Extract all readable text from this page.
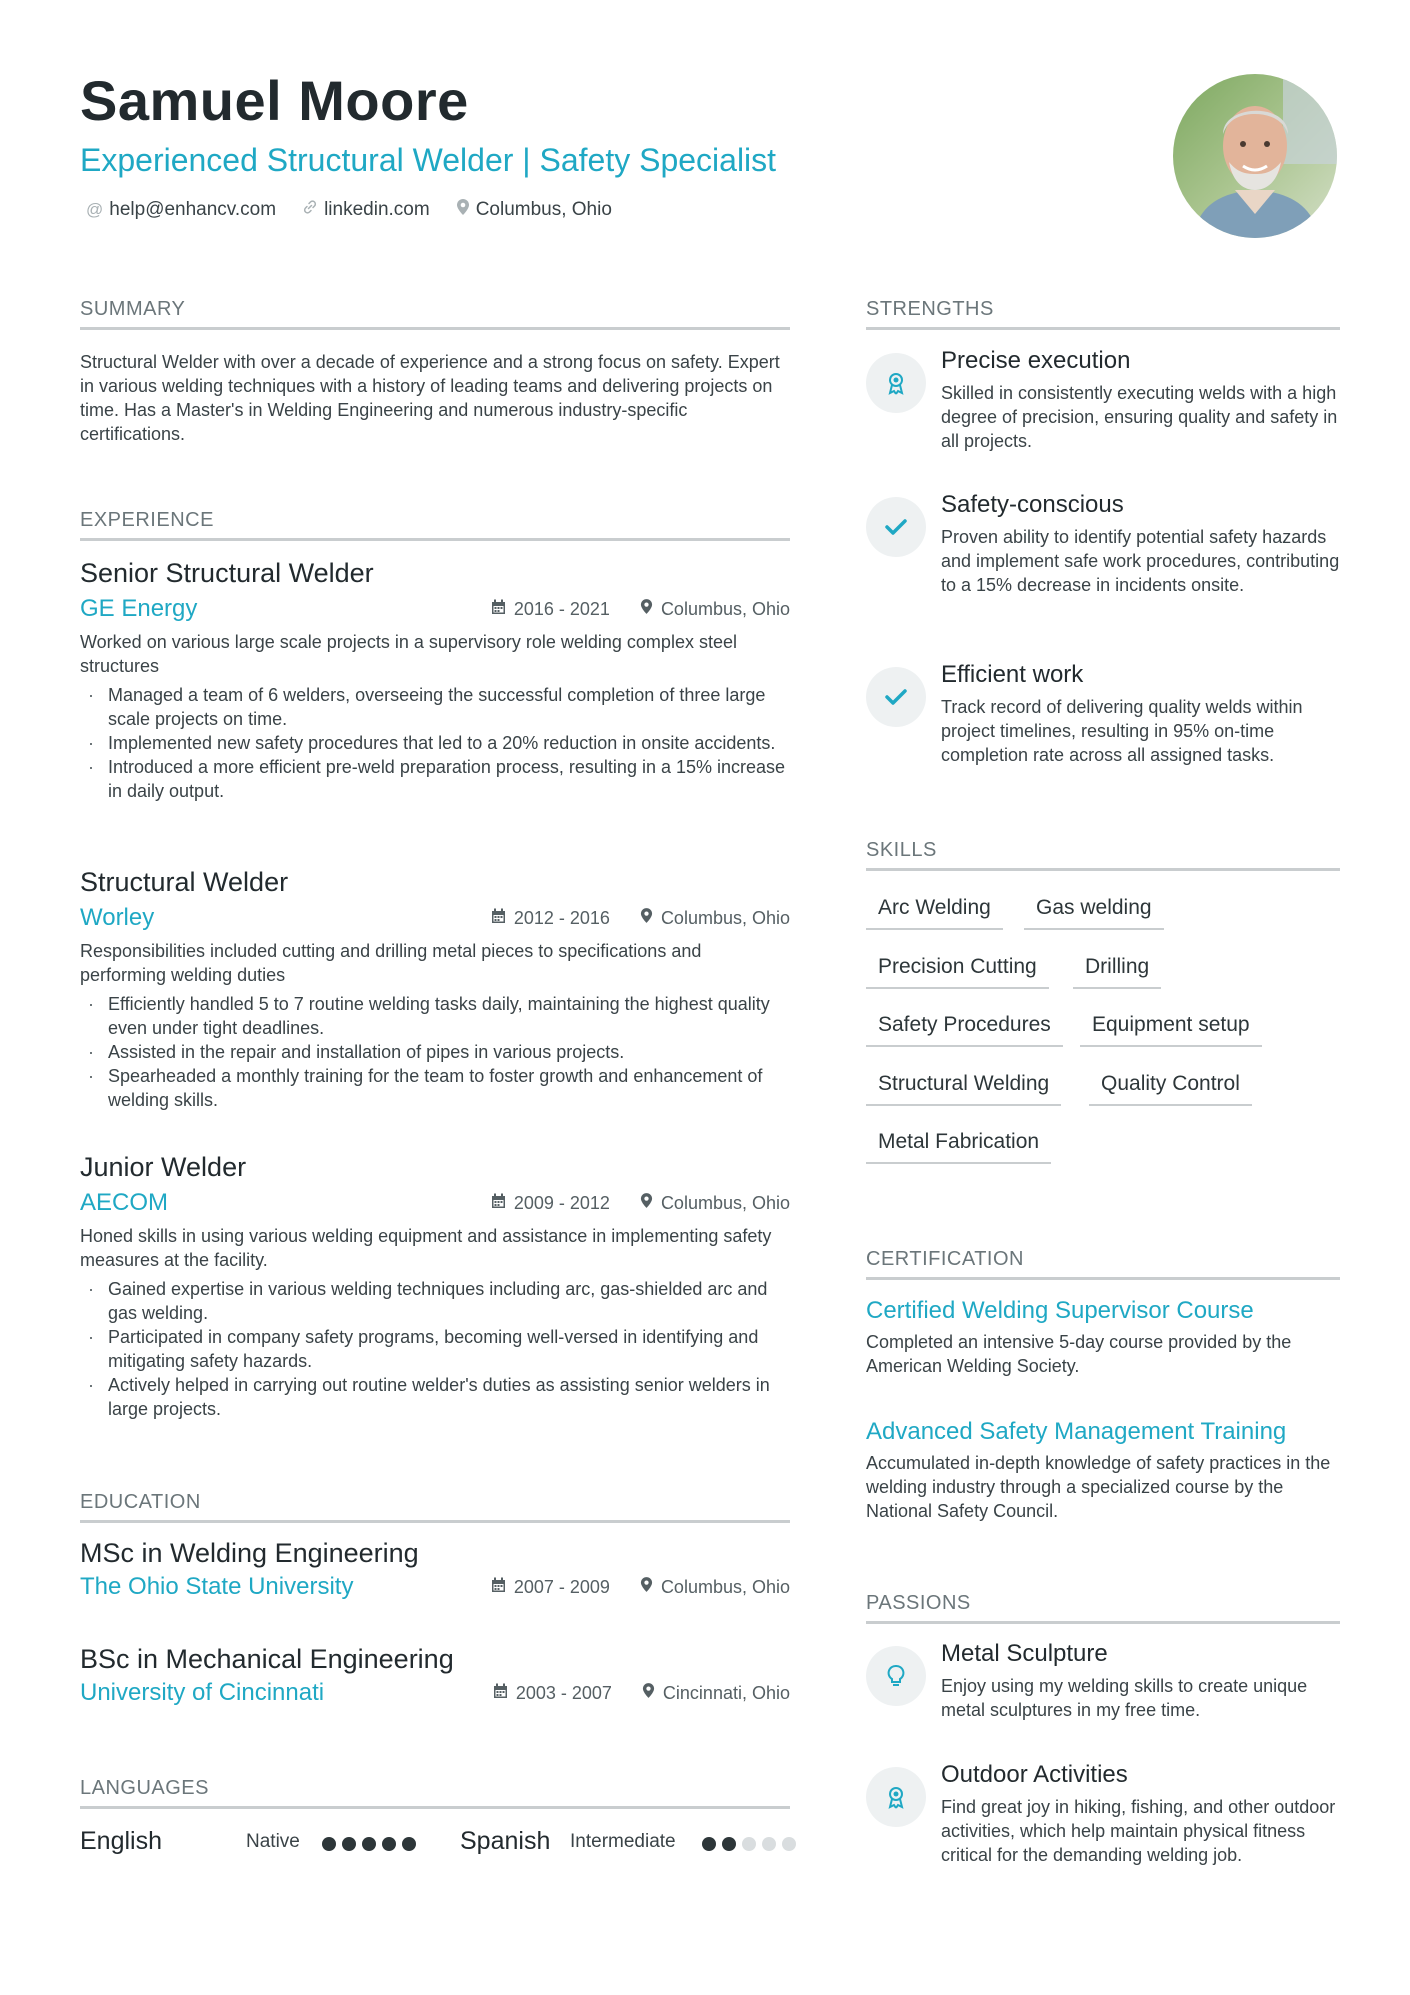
Samuel Moore
Experienced Structural Welder | Safety Specialist
@ help@enhancv.com	linkedin.com Columbus, Ohio
SUMMARY
Structural Welder with over a decade of experience and a strong focus on safety. Expert in various welding techniques with a history of leading teams and delivering projects on time. Has a Master's in Welding Engineering and numerous industry-specific certifications.
EXPERIENCE
Senior Structural Welder
GE Energy	2016 - 2021	Columbus, Ohio
Worked on various large scale projects in a supervisory role welding complex steel structures
· Managed a team of 6 welders, overseeing the successful completion of three large scale projects on time.
· Implemented new safety procedures that led to a 20% reduction in onsite accidents.
· Introduced a more efficient pre-weld preparation process, resulting in a 15% increase in daily output.
Structural Welder
Worley	2012 - 2016	Columbus, Ohio
Responsibilities included cutting and drilling metal pieces to specifications and performing welding duties
· Efficiently handled 5 to 7 routine welding tasks daily, maintaining the highest quality even under tight deadlines.
· Assisted in the repair and installation of pipes in various projects.
· Spearheaded a monthly training for the team to foster growth and enhancement of welding skills.
Junior Welder
AECOM	2009 - 2012	Columbus, Ohio
Honed skills in using various welding equipment and assistance in implementing safety measures at the facility.
· Gained expertise in various welding techniques including arc, gas-shielded arc and gas welding.
· Participated in company safety programs, becoming well-versed in identifying and mitigating safety hazards.
· Actively helped in carrying out routine welder's duties as assisting senior welders in large projects.
EDUCATION
MSc in Welding Engineering
The Ohio State University	2007 - 2009	Columbus, Ohio
BSc in Mechanical Engineering
University of Cincinnati	2003 - 2007	Cincinnati, Ohio
LANGUAGES
English	Native	Spanish Intermediate
STRENGTHS
Precise execution
Skilled in consistently executing welds with a high degree of precision, ensuring quality and safety in all projects.
Safety-conscious
Proven ability to identify potential safety hazards and implement safe work procedures, contributing to a 15% decrease in incidents onsite.
Efficient work
Track record of delivering quality welds within project timelines, resulting in 95% on-time completion rate across all assigned tasks.
SKILLS
Arc Welding	Gas welding
Precision Cutting	Drilling
Safety Procedures	Equipment setup
Structural Welding	Quality Control
Metal Fabrication
CERTIFICATION
Certified Welding Supervisor Course
Completed an intensive 5-day course provided by the American Welding Society.
Advanced Safety Management Training
Accumulated in-depth knowledge of safety practices in the welding industry through a specialized course by the National Safety Council.
PASSIONS
Metal Sculpture
Enjoy using my welding skills to create unique metal sculptures in my free time.
Outdoor Activities
Find great joy in hiking, fishing, and other outdoor activities, which help maintain physical fitness critical for the demanding welding job.
